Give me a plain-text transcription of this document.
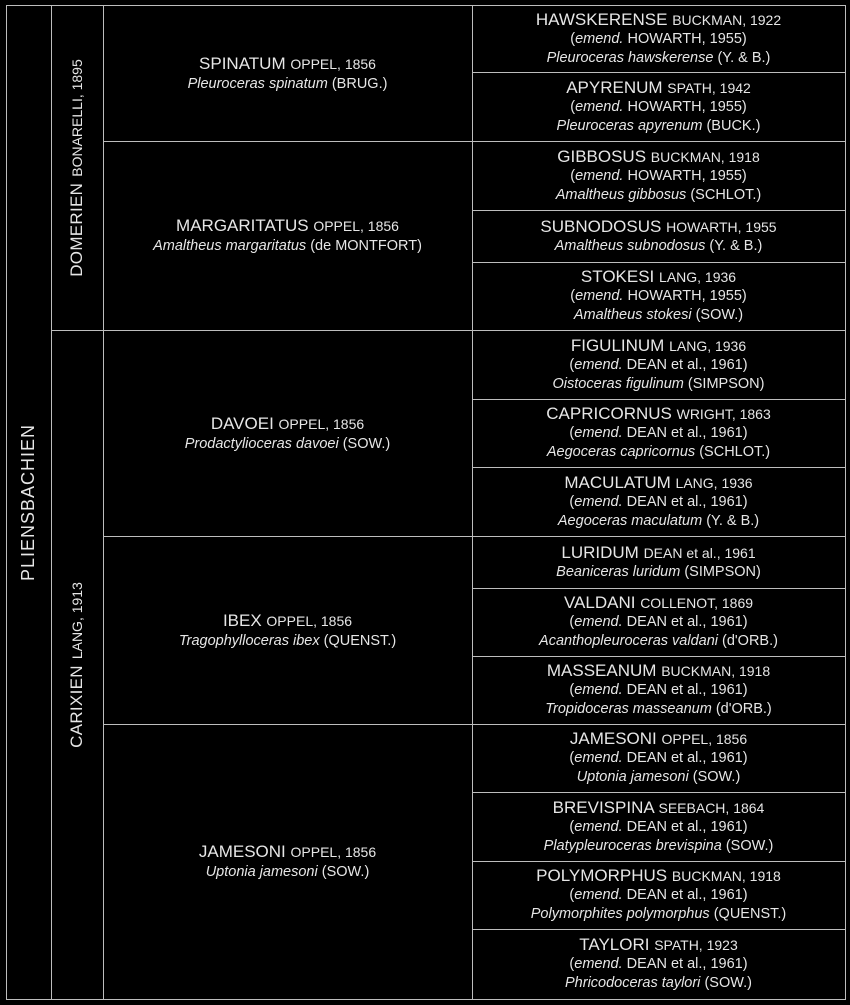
PLIENSBACHIEN
DOMERIEN
BONARELLI, 1895
CARIXIEN
LANG, 1913
SPINATUM OPPEL, 1856
Pleuroceras spinatum (BRUG.)
MARGARITATUS OPPEL, 1856
Amaltheus margaritatus (de MONTFORT)
DAVOEI OPPEL, 1856
Prodactylioceras davoei (SOW.)
IBEX OPPEL, 1856
Tragophylloceras ibex (QUENST.)
JAMESONI OPPEL, 1856
Uptonia jamesoni (SOW.)
HAWSKERENSE BUCKMAN, 1922
(emend. HOWARTH, 1955)
Pleuroceras hawskerense (Y. & B.)
APYRENUM SPATH, 1942
(emend. HOWARTH, 1955)
Pleuroceras apyrenum (BUCK.)
GIBBOSUS BUCKMAN, 1918
(emend. HOWARTH, 1955)
Amaltheus gibbosus (SCHLOT.)
SUBNODOSUS HOWARTH, 1955
Amaltheus subnodosus (Y. & B.)
STOKESI LANG, 1936
(emend. HOWARTH, 1955)
Amaltheus stokesi (SOW.)
FIGULINUM LANG, 1936
(emend. DEAN et al., 1961)
Oistoceras figulinum (SIMPSON)
CAPRICORNUS WRIGHT, 1863
(emend. DEAN et al., 1961)
Aegoceras capricornus (SCHLOT.)
MACULATUM LANG, 1936
(emend. DEAN et al., 1961)
Aegoceras maculatum (Y. & B.)
LURIDUM DEAN et al., 1961
Beaniceras luridum (SIMPSON)
VALDANI COLLENOT, 1869
(emend. DEAN et al., 1961)
Acanthopleuroceras valdani (d'ORB.)
MASSEANUM BUCKMAN, 1918
(emend. DEAN et al., 1961)
Tropidoceras masseanum (d'ORB.)
JAMESONI OPPEL, 1856
(emend. DEAN et al., 1961)
Uptonia jamesoni (SOW.)
BREVISPINA SEEBACH, 1864
(emend. DEAN et al., 1961)
Platypleuroceras brevispina (SOW.)
POLYMORPHUS BUCKMAN, 1918
(emend. DEAN et al., 1961)
Polymorphites polymorphus (QUENST.)
TAYLORI SPATH, 1923
(emend. DEAN et al., 1961)
Phricodoceras taylori (SOW.)
